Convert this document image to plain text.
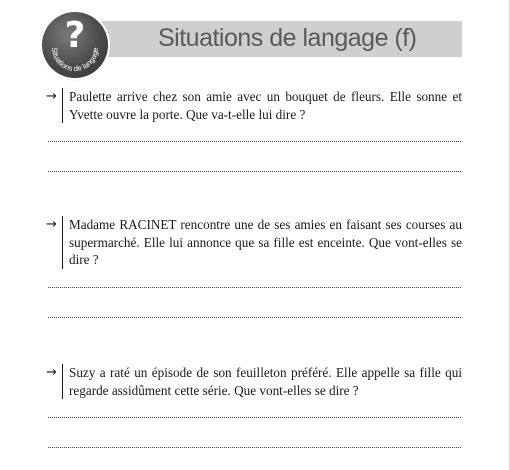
Situations de langage (f)
Situations de langage
?
→ Paulette arrive chez son amie avec un bouquet de fleurs. Elle sonne et Yvette ouvre la porte. Que va-t-elle lui dire ?
→ Madame RACINET rencontre une de ses amies en faisant ses courses au supermarché. Elle lui annonce que sa fille est enceinte. Que vont-elles se dire ?
→ Suzy a raté un épisode de son feuilleton préféré. Elle appelle sa fille qui regarde assidûment cette série. Que vont-elles se dire ?
